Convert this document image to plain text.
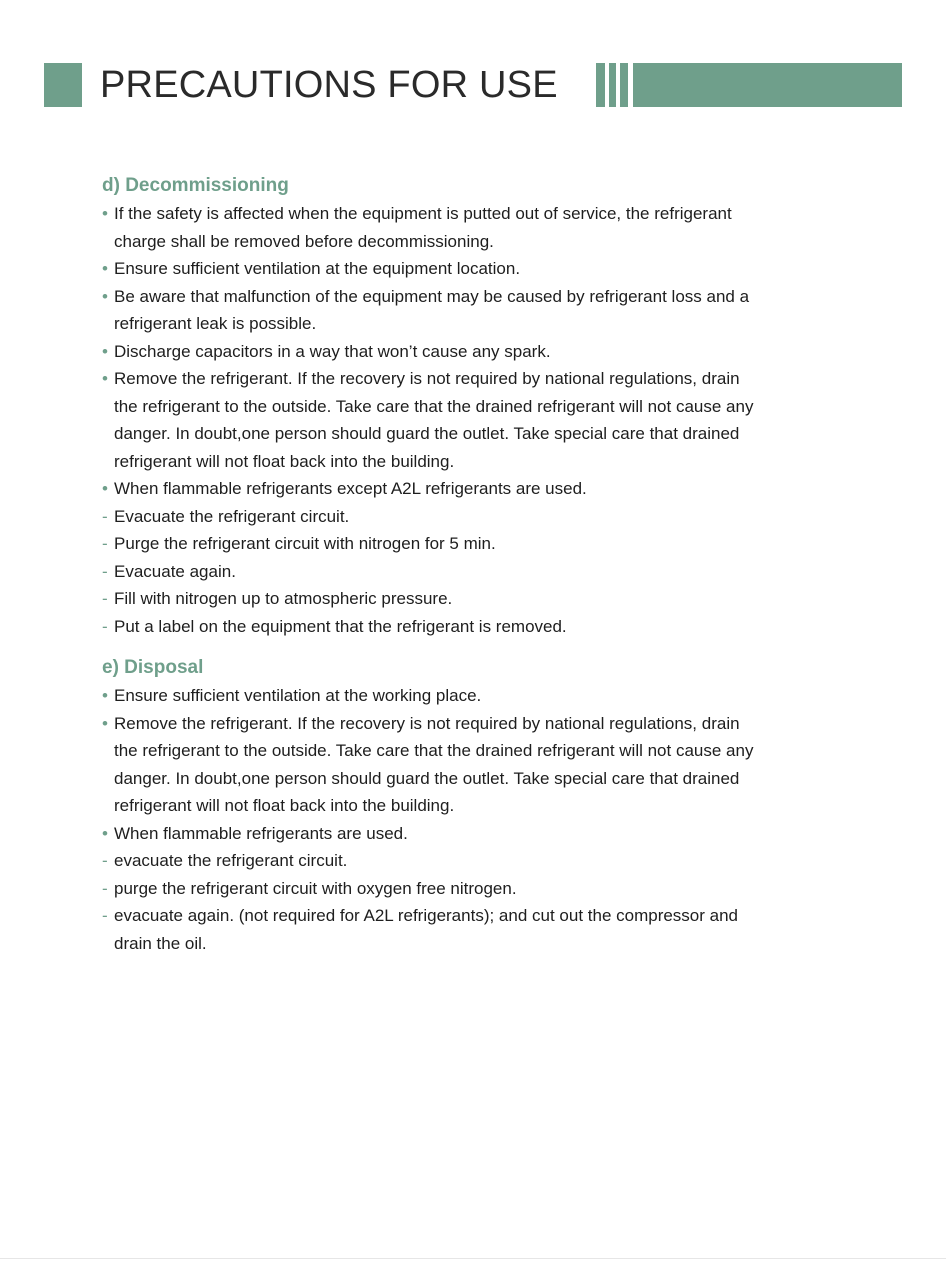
PRECAUTIONS FOR USE
d) Decommissioning
• If the safety is affected when the equipment is putted out of service, the refrigerant charge shall be removed before decommissioning.
• Ensure sufficient ventilation at the equipment location.
• Be aware that malfunction of the equipment may be caused by refrigerant loss and a refrigerant leak is possible.
• Discharge capacitors in a way that won’t cause any spark.
• Remove the refrigerant. If the recovery is not required by national regulations, drain the refrigerant to the outside. Take care that the drained refrigerant will not cause any danger. In doubt,one person should guard the outlet. Take special care that drained refrigerant will not float back into the building.
• When flammable refrigerants except A2L refrigerants are used.
- Evacuate the refrigerant circuit.
- Purge the refrigerant circuit with nitrogen for 5 min.
- Evacuate again.
- Fill with nitrogen up to atmospheric pressure.
- Put a label on the equipment that the refrigerant is removed.
e) Disposal
• Ensure sufficient ventilation at the working place.
• Remove the refrigerant. If the recovery is not required by national regulations, drain the refrigerant to the outside. Take care that the drained refrigerant will not cause any danger. In doubt,one person should guard the outlet. Take special care that drained refrigerant will not float back into the building.
• When flammable refrigerants are used.
- evacuate the refrigerant circuit.
- purge the refrigerant circuit with oxygen free nitrogen.
- evacuate again. (not required for A2L refrigerants); and cut out the compressor and drain the oil.
